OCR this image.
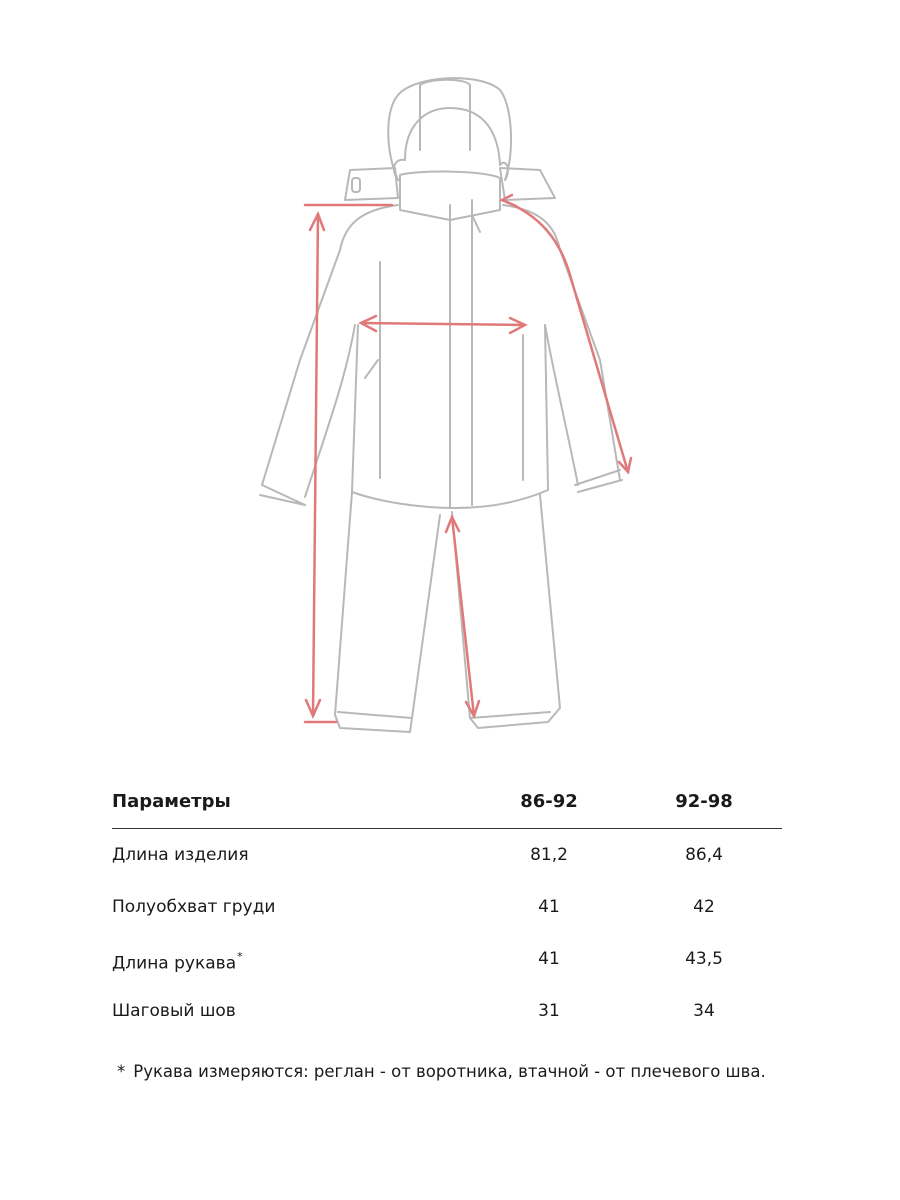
Параметры	86-92	92-98
Длина изделия	81,2	86,4
Полуобхват груди	41	42
Длина рукава*	41	43,5
Шаговый шов	31	34
* Рукава измеряются: реглан - от воротника, втачной - от плечевого шва.
